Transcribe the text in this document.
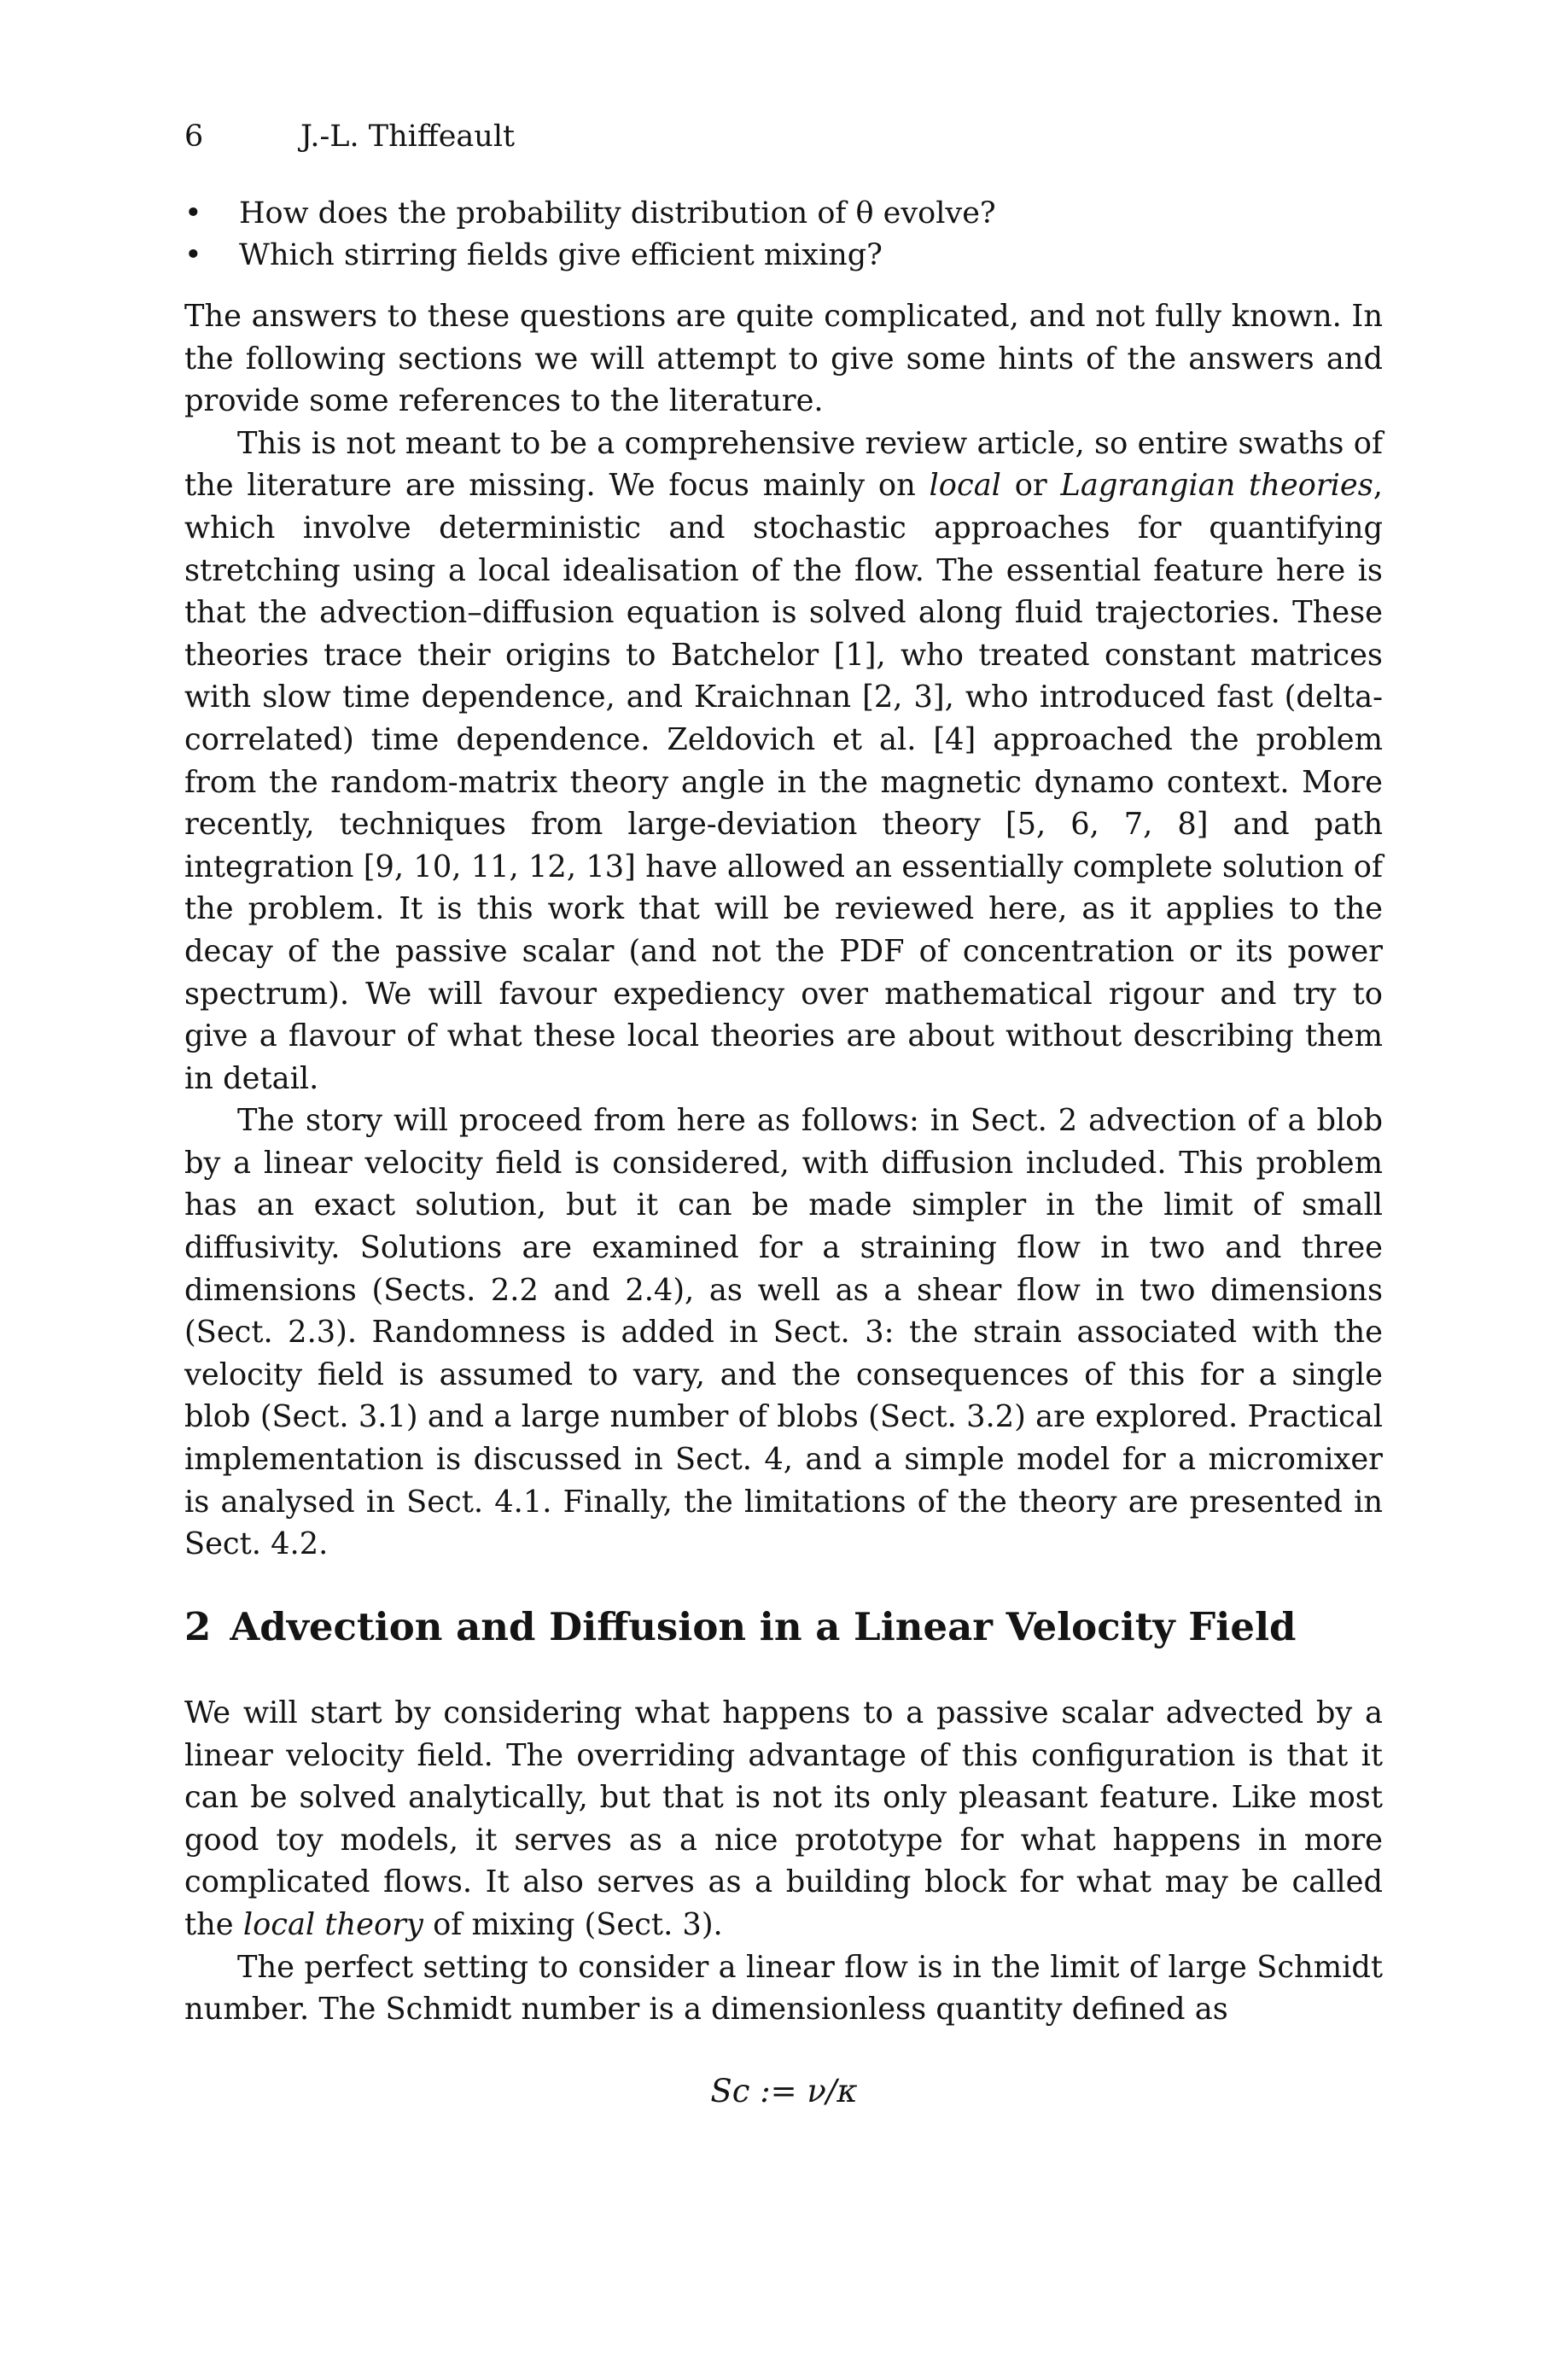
6	J.-L. Thiffeault
• How does the probability distribution of θ evolve?
• Which stirring fields give efficient mixing?

The answers to these questions are quite complicated, and not fully known. In the following sections we will attempt to give some hints of the answers and provide some references to the literature.

This is not meant to be a comprehensive review article, so entire swaths of the literature are missing. We focus mainly on local or Lagrangian theories, which involve deterministic and stochastic approaches for quantifying stretching using a local idealisation of the flow. The essential feature here is that the advection–diffusion equation is solved along fluid trajectories. These theories trace their origins to Batchelor [1], who treated constant matrices with slow time dependence, and Kraichnan [2, 3], who introduced fast (delta-correlated) time dependence. Zeldovich et al. [4] approached the problem from the random-matrix theory angle in the magnetic dynamo context. More recently, techniques from large-deviation theory [5, 6, 7, 8] and path integration [9, 10, 11, 12, 13] have allowed an essentially complete solution of the problem. It is this work that will be reviewed here, as it applies to the decay of the passive scalar (and not the PDF of concentration or its power spectrum). We will favour expediency over mathematical rigour and try to give a flavour of what these local theories are about without describing them in detail.

The story will proceed from here as follows: in Sect. 2 advection of a blob by a linear velocity field is considered, with diffusion included. This problem has an exact solution, but it can be made simpler in the limit of small diffusivity. Solutions are examined for a straining flow in two and three dimensions (Sects. 2.2 and 2.4), as well as a shear flow in two dimensions (Sect. 2.3). Randomness is added in Sect. 3: the strain associated with the velocity field is assumed to vary, and the consequences of this for a single blob (Sect. 3.1) and a large number of blobs (Sect. 3.2) are explored. Practical implementation is discussed in Sect. 4, and a simple model for a micromixer is analysed in Sect. 4.1. Finally, the limitations of the theory are presented in Sect. 4.2.

2 Advection and Diffusion in a Linear Velocity Field

We will start by considering what happens to a passive scalar advected by a linear velocity field. The overriding advantage of this configuration is that it can be solved analytically, but that is not its only pleasant feature. Like most good toy models, it serves as a nice prototype for what happens in more complicated flows. It also serves as a building block for what may be called the local theory of mixing (Sect. 3).

The perfect setting to consider a linear flow is in the limit of large Schmidt number. The Schmidt number is a dimensionless quantity defined as

Sc := ν/κ
